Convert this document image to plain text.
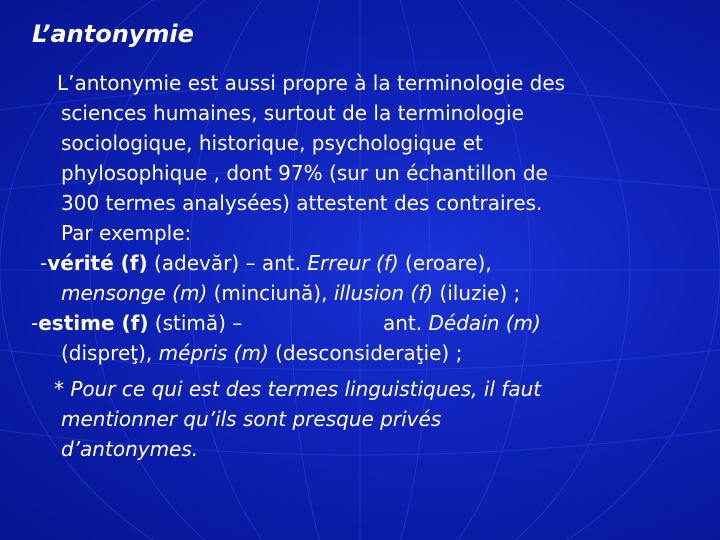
L’antonymie
L’antonymie est aussi propre à la terminologie des
sciences humaines, surtout de la terminologie
sociologique, historique, psychologique et
phylosophique , dont 97% (sur un échantillon de
300 termes analysées) attestent des contraires.
Par exemple:
-vérité (f) (adevăr) – ant. Erreur (f) (eroare),
mensonge (m) (minciună), illusion (f) (iluzie) ;
-estime (f) (stimă) –	ant. Dédain (m)
(dispreţ), mépris (m) (desconsideraţie) ;
* Pour ce qui est des termes linguistiques, il faut
mentionner qu’ils sont presque privés
d’antonymes.
